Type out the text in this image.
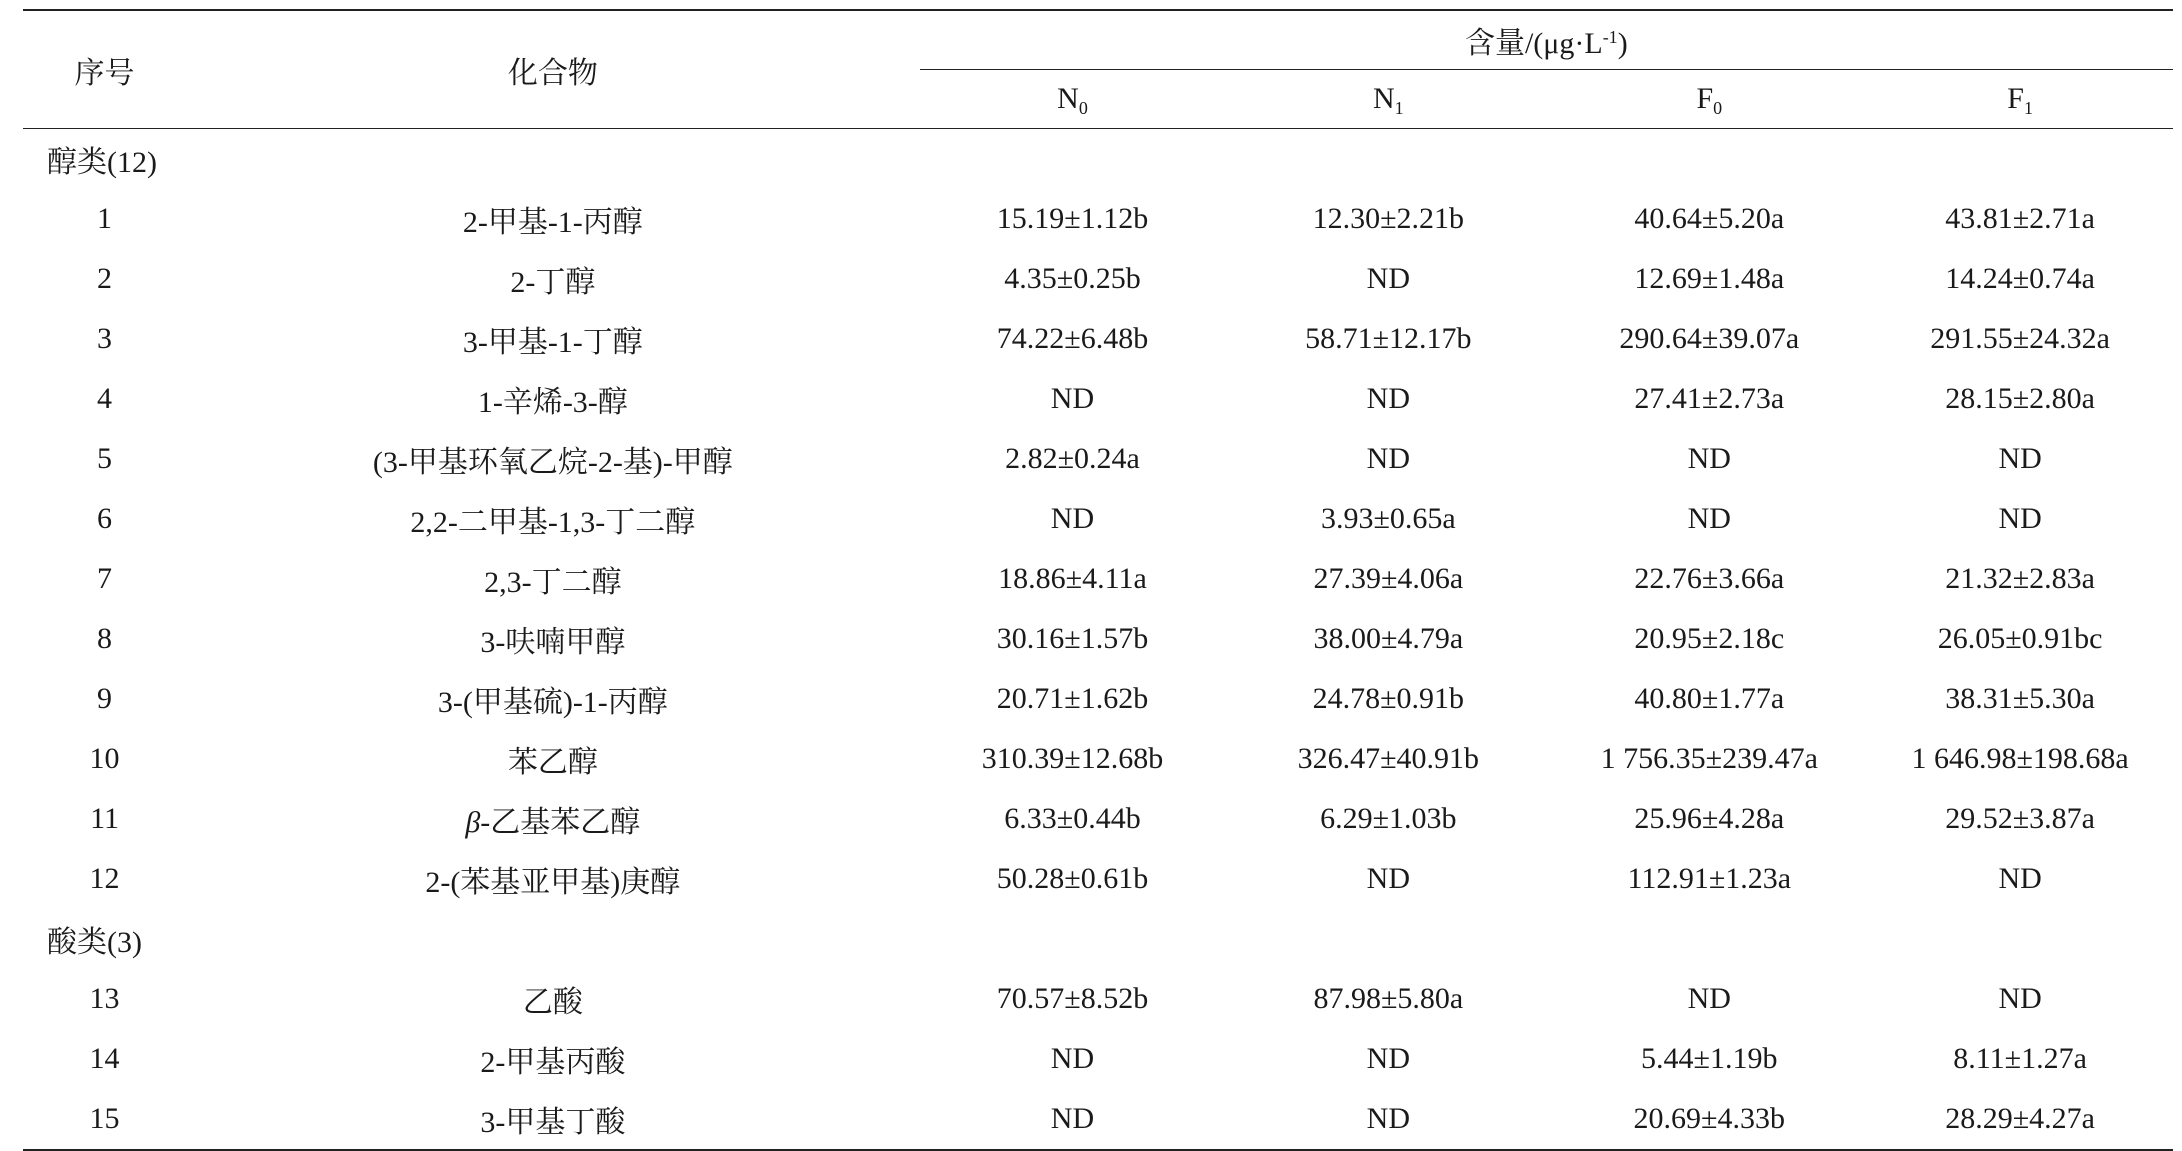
序号	化合物	含量$/(\mu g\cdot L^{-1})$			
		$N_0$	$N_1$	$F_0$	$F_1$
醇类(12)					
1	2-甲基-1-丙醇	15.19±1.12b	12.30±2.21b	40.64±5.20a	43.81±2.71a
2	2-丁醇	4.35±0.25b	ND	12.69±1.48a	14.24±0.74a
3	3-甲基-1-丁醇	74.22±6.48b	58.71±12.17b	290.64±39.07a	291.55±24.32a
4	1-辛烯-3-醇	ND	ND	27.41±2.73a	28.15±2.80a
5	(3-甲基环氧乙烷-2-基)-甲醇	2.82±0.24a	ND	ND	ND
6	2,2-二甲基-1,3-丁二醇	ND	3.93±0.65a	ND	ND
7	2,3-丁二醇	18.86±4.11a	27.39±4.06a	22.76±3.66a	21.32±2.83a
8	3-呋喃甲醇	30.16±1.57b	38.00±4.79a	20.95±2.18c	26.05±0.91bc
9	3-(甲基硫)-1-丙醇	20.71±1.62b	24.78±0.91b	40.80±1.77a	38.31±5.30a
10	苯乙醇	310.39±12.68b	326.47±40.91b	1 756.35±239.47a	1 646.98±198.68a
11	β-乙基苯乙醇	6.33±0.44b	6.29±1.03b	25.96±4.28a	29.52±3.87a
12	2-(苯基亚甲基)庚醇	50.28±0.61b	ND	112.91±1.23a	ND
酸类(3)					
13	乙酸	70.57±8.52b	87.98±5.80a	ND	ND
14	2-甲基丙酸	ND	ND	5.44±1.19b	8.11±1.27a
15	3-甲基丁酸	ND	ND	20.69±4.33b	28.29±4.27a
